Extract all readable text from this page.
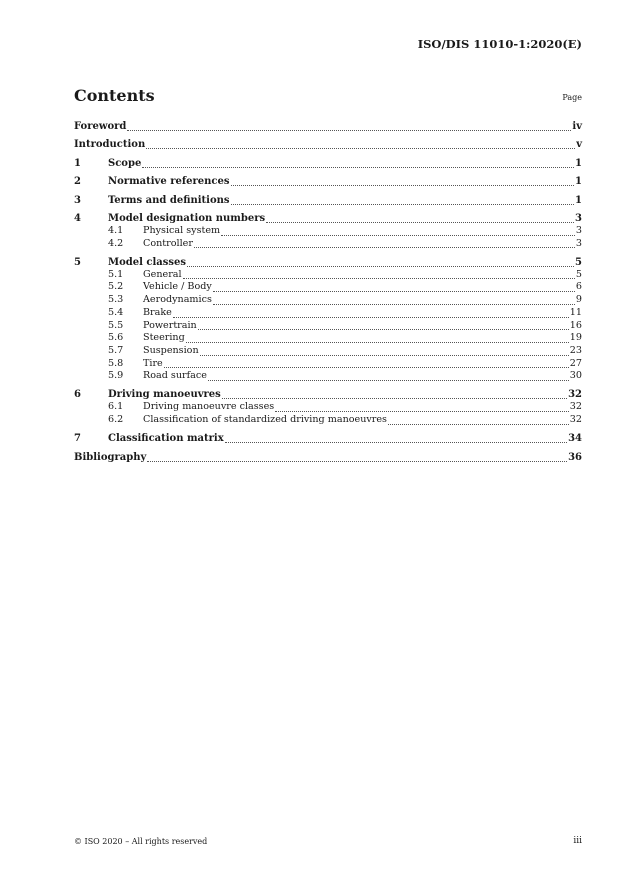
ISO/DIS 11010-1:2020(E)
Contents	Page
Foreword	iv
Introduction	v
1	Scope	1
2	Normative references	1
3	Terms and definitions	1
4	Model designation numbers	3
4.1	Physical system	3
4.2	Controller	3
5	Model classes	5
5.1	General	5
5.2	Vehicle / Body	6
5.3	Aerodynamics	9
5.4	Brake	11
5.5	Powertrain	16
5.6	Steering	19
5.7	Suspension	23
5.8	Tire	27
5.9	Road surface	30
6	Driving manoeuvres	32
6.1	Driving manoeuvre classes	32
6.2	Classification of standardized driving manoeuvres	32
7	Classification matrix	34
Bibliography	36
© ISO 2020 – All rights reserved	iii
